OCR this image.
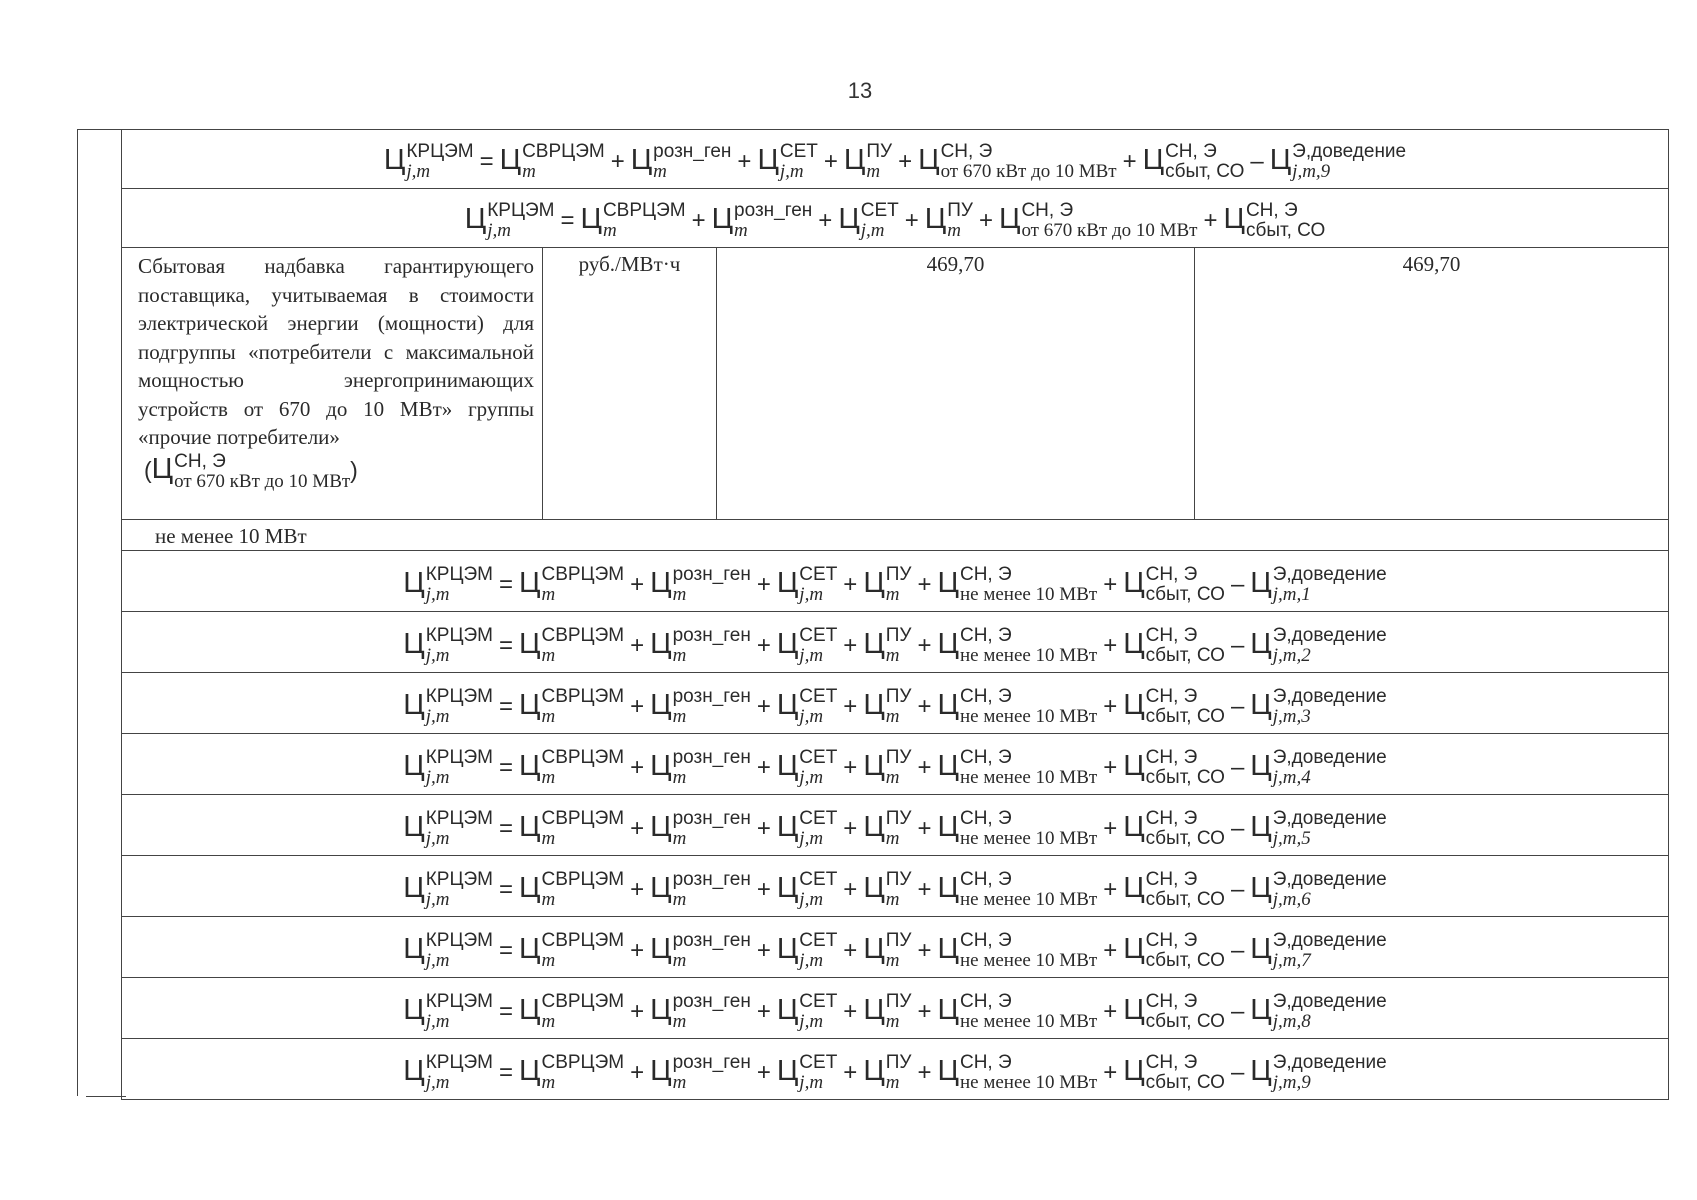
13
Ц КРЦЭМ
j,m	= Ц СВРЦЭМ
m	+ Ц розн_ген
m	+ Ц СЕТ
j,m + Ц ПУ
m + Ц СН, Э
от 670 кВт до 10 МВт + Ц СН, Э
сбыт, СО – Ц Э,доведение
j,m,9
Ц КРЦЭМ
j,m	= Ц СВРЦЭМ
m	+ Ц розн_ген
m	+ Ц СЕТ
j,m + Ц ПУ
m + Ц СН, Э
от 670 кВт до 10 МВт + Ц СН, Э
сбыт, СО
Сбытовая надбавка гарантирующего поставщика, учитываемая в стоимости электрической энергии (мощности) для подгруппы «потребители с максимальной мощностью энергопринимающих устройств от 670 до 10 МВт» группы «прочие потребители»
(Ц СН, Э
от 670 кВт до 10 МВт )
руб./МВт·ч	469,70	469,70
не менее 10 МВт
Ц КРЦЭМ
j,m	= Ц СВРЦЭМ
m	+ Ц розн_ген
m	+ Ц СЕТ
j,m + Ц ПУ
m + Ц СН, Э
не менее 10 МВт + Ц СН, Э
сбыт, СО – Ц Э,доведение
j,m,1
Ц КРЦЭМ
j,m	= Ц СВРЦЭМ
m	+ Ц розн_ген
m	+ Ц СЕТ
j,m + Ц ПУ
m + Ц СН, Э
не менее 10 МВт + Ц СН, Э
сбыт, СО – Ц Э,доведение
j,m,2
Ц КРЦЭМ
j,m	= Ц СВРЦЭМ
m	+ Ц розн_ген
m	+ Ц СЕТ
j,m + Ц ПУ
m + Ц СН, Э
не менее 10 МВт + Ц СН, Э
сбыт, СО – Ц Э,доведение
j,m,3
Ц КРЦЭМ
j,m	= Ц СВРЦЭМ
m	+ Ц розн_ген
m	+ Ц СЕТ
j,m + Ц ПУ
m + Ц СН, Э
не менее 10 МВт + Ц СН, Э
сбыт, СО – Ц Э,доведение
j,m,4
Ц КРЦЭМ
j,m	= Ц СВРЦЭМ
m	+ Ц розн_ген
m	+ Ц СЕТ
j,m + Ц ПУ
m + Ц СН, Э
не менее 10 МВт + Ц СН, Э
сбыт, СО – Ц Э,доведение
j,m,5
Ц КРЦЭМ
j,m	= Ц СВРЦЭМ
m	+ Ц розн_ген
m	+ Ц СЕТ
j,m + Ц ПУ
m + Ц СН, Э
не менее 10 МВт + Ц СН, Э
сбыт, СО – Ц Э,доведение
j,m,6
Ц КРЦЭМ
j,m	= Ц СВРЦЭМ
m	+ Ц розн_ген
m	+ Ц СЕТ
j,m + Ц ПУ
m + Ц СН, Э
не менее 10 МВт + Ц СН, Э
сбыт, СО – Ц Э,доведение
j,m,7
Ц КРЦЭМ
j,m	= Ц СВРЦЭМ
m	+ Ц розн_ген
m	+ Ц СЕТ
j,m + Ц ПУ
m + Ц СН, Э
не менее 10 МВт + Ц СН, Э
сбыт, СО – Ц Э,доведение
j,m,8
Ц КРЦЭМ
j,m	= Ц СВРЦЭМ
m	+ Ц розн_ген
m	+ Ц СЕТ
j,m + Ц ПУ
m + Ц СН, Э
не менее 10 МВт + Ц СН, Э
сбыт, СО – Ц Э,доведение
j,m,9
